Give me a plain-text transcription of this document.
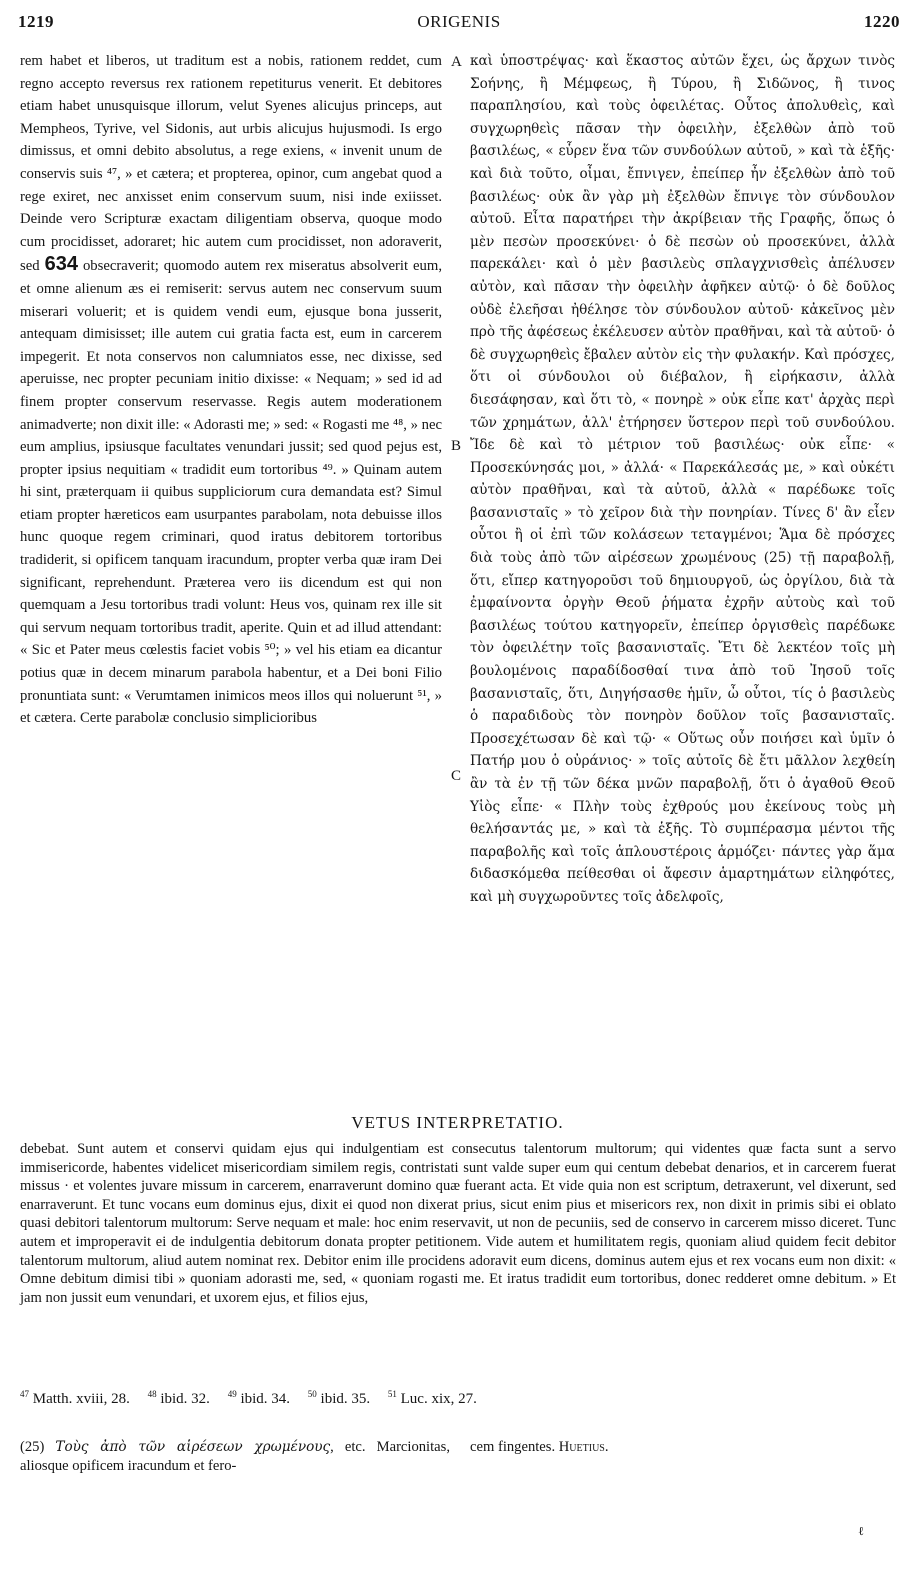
1219	ORIGENIS	1220

rem habet et liberos, ut traditum est a nobis, rationem reddet, cum regno accepto reversus rex rationem repetiturus venerit. Et debitores etiam habet unusquisque illorum, velut Syenes alicujus princeps, aut Mempheos, Tyrive, vel Sidonis, aut urbis alicujus hujusmodi. Is ergo dimissus, et omni debito absolutus, a rege exiens, « invenit unum de conservis suis ⁴⁷, » et cætera; et propterea, opinor, cum angebat quod a rege exiret, nec anxisset enim conservum suum, nisi inde exiisset. Deinde vero Scripturæ exactam diligentiam observa, quoque modo cum procidisset, adoraret; hic autem cum procidisset, non adoraverit, sed 634 obsecraverit; quomodo autem rex miseratus absolverit eum, et omne alienum æs ei remiserit: servus autem nec conservum suum miserari voluerit; et is quidem vendi eum, ejusque bona jusserit, antequam dimisisset; ille autem cui gratia facta est, eum in carcerem impegerit. Et nota conservos non calumniatos esse, nec dixisse, sed aperuisse, nec propter pecuniam initio dixisse: « Nequam; » sed id ad finem propter conservum reservasse. Regis autem moderationem animadverte; non dixit ille: « Adorasti me; » sed: « Rogasti me ⁴⁸, » nec eum amplius, ipsiusque facultates venundari jussit; sed quod pejus est, propter ipsius nequitiam « tradidit eum tortoribus ⁴⁹. » Quinam autem hi sint, præterquam ii quibus suppliciorum cura demandata est? Simul etiam propter hæreticos eam usurpantes parabolam, nota debuisse illos hunc quoque regem criminari, quod iratus debitorem tortoribus tradiderit, si opificem tanquam iracundum, propter verba quæ iram Dei significant, reprehendunt. Præterea vero iis dicendum est qui non quemquam a Jesu tortoribus tradi volunt: Heus vos, quinam rex ille sit qui servum nequam tortoribus tradit, aperite. Quin et ad illud attendant: « Sic et Pater meus cœlestis faciet vobis ⁵⁰; » vel his etiam ea dicantur potius quæ in decem minarum parabola habentur, et a Dei boni Filio pronuntiata sunt: « Verumtamen inimicos meos illos qui noluerunt ⁵¹, » et cætera. Certe parabolæ conclusio simplicioribus

A
B
C

καὶ ὑποστρέψας· καὶ ἕκαστος αὐτῶν ἔχει, ὡς ἄρχων τινὸς Σοήνης, ἢ Μέμφεως, ἢ Τύρου, ἢ Σιδῶνος, ἢ τινος παραπλησίου, καὶ τοὺς ὀφειλέτας. Οὗτος ἀπολυθεὶς, καὶ συγχωρηθεὶς πᾶσαν τὴν ὀφειλὴν, ἐξελθὼν ἀπὸ τοῦ βασιλέως, « εὗρεν ἕνα τῶν συνδούλων αὐτοῦ, » καὶ τὰ ἑξῆς· καὶ διὰ τοῦτο, οἶμαι, ἔπνιγεν, ἐπείπερ ἦν ἐξελθὼν ἀπὸ τοῦ βασιλέως· οὐκ ἂν γὰρ μὴ ἐξελθὼν ἔπνιγε τὸν σύνδουλον αὐτοῦ. Εἶτα παρατήρει τὴν ἀκρίβειαν τῆς Γραφῆς, ὅπως ὁ μὲν πεσὼν προσεκύνει· ὁ δὲ πεσὼν οὐ προσεκύνει, ἀλλὰ παρεκάλει· καὶ ὁ μὲν βασιλεὺς σπλαγχνισθεὶς ἀπέλυσεν αὐτὸν, καὶ πᾶσαν τὴν ὀφειλὴν ἀφῆκεν αὐτῷ· ὁ δὲ δοῦλος οὐδὲ ἐλεῆσαι ἠθέλησε τὸν σύνδουλον αὐτοῦ· κἀκεῖνος μὲν πρὸ τῆς ἀφέσεως ἐκέλευσεν αὐτὸν πραθῆναι, καὶ τὰ αὐτοῦ· ὁ δὲ συγχωρηθεὶς ἔβαλεν αὐτὸν εἰς τὴν φυλακήν. Καὶ πρόσχες, ὅτι οἱ σύνδουλοι οὐ διέβαλον, ἢ εἰρήκασιν, ἀλλὰ διεσάφησαν, καὶ ὅτι τὸ, « πονηρὲ » οὐκ εἶπε κατ' ἀρχὰς περὶ τῶν χρημάτων, ἀλλ' ἐτήρησεν ὕστερον περὶ τοῦ συνδούλου. Ἴδε δὲ καὶ τὸ μέτριον τοῦ βασιλέως· οὐκ εἶπε· « Προσεκύνησάς μοι, » ἀλλά· « Παρεκάλεσάς με, » καὶ οὐκέτι αὐτὸν πραθῆναι, καὶ τὰ αὐτοῦ, ἀλλὰ « παρέδωκε τοῖς βασανισταῖς » τὸ χεῖρον διὰ τὴν πονηρίαν. Τίνες δ' ἂν εἶεν οὗτοι ἢ οἱ ἐπὶ τῶν κολάσεων τεταγμένοι; Ἅμα δὲ πρόσχες διὰ τοὺς ἀπὸ τῶν αἱρέσεων χρωμένους (25) τῇ παραβολῇ, ὅτι, εἴπερ κατηγοροῦσι τοῦ δημιουργοῦ, ὡς ὀργίλου, διὰ τὰ ἐμφαίνοντα ὀργὴν Θεοῦ ῥήματα ἐχρῆν αὐτοὺς καὶ τοῦ βασιλέως τούτου κατηγορεῖν, ἐπείπερ ὀργισθεὶς παρέδωκε τὸν ὀφειλέτην τοῖς βασανισταῖς. Ἔτι δὲ λεκτέον τοῖς μὴ βουλομένοις παραδίδοσθαί τινα ἀπὸ τοῦ Ἰησοῦ τοῖς βασανισταῖς, ὅτι, Διηγήσασθε ἡμῖν, ὦ οὗτοι, τίς ὁ βασιλεὺς ὁ παραδιδοὺς τὸν πονηρὸν δοῦλον τοῖς βασανισταῖς. Προσεχέτωσαν δὲ καὶ τῷ· « Οὕτως οὖν ποιήσει καὶ ὑμῖν ὁ Πατήρ μου ὁ οὐράνιος· » τοῖς αὐτοῖς δὲ ἔτι μᾶλλον λεχθείη ἂν τὰ ἐν τῇ τῶν δέκα μνῶν παραβολῇ, ὅτι ὁ ἀγαθοῦ Θεοῦ Υἱὸς εἶπε· « Πλὴν τοὺς ἐχθρούς μου ἐκείνους τοὺς μὴ θελήσαντάς με, » καὶ τὰ ἑξῆς. Τὸ συμπέρασμα μέντοι τῆς παραβολῆς καὶ τοῖς ἁπλουστέροις ἁρμόζει· πάντες γὰρ ἅμα διδασκόμεθα πείθεσθαι οἱ ἄφεσιν ἁμαρτημάτων εἰληφότες, καὶ μὴ συγχωροῦντες τοῖς ἀδελφοῖς,

VETUS INTERPRETATIO.

debebat. Sunt autem et conservi quidam ejus qui indulgentiam est consecutus talentorum multorum; qui videntes quæ facta sunt a servo immisericorde, habentes videlicet misericordiam similem regis, contristati sunt valde super eum qui centum debebat denarios, et in carcerem fuerat missus · et volentes juvare missum in carcerem, enarraverunt domino quæ fuerant acta. Et vide quia non est scriptum, detraxerunt, vel dixerunt, sed enarraverunt. Et tunc vocans eum dominus ejus, dixit ei quod non dixerat prius, sicut enim pius et misericors rex, non dixit in primis sibi ei oblato quasi debitori talentorum multorum: Serve nequam et male: hoc enim reservavit, ut non de pecuniis, sed de conservo in carcerem misso diceret. Tunc autem et improperavit ei de indulgentia debitorum donata propter petitionem. Vide autem et humilitatem regis, quoniam aliud quidem fecit debitor talentorum multorum, aliud autem nominat rex. Debitor enim ille procidens adoravit eum dicens, dominus autem ejus et rex vocans eum non dixit: « Omne debitum dimisi tibi » quoniam adorasti me, sed, « quoniam rogasti me. Et iratus tradidit eum tortoribus, donec redderet omne debitum. » Et jam non jussit eum venundari, et uxorem ejus, et filios ejus,

$^{47}$ Matth. xviii, 28. $^{48}$ ibid. 32. $^{49}$ ibid. 34. $^{50}$ ibid. 35. $^{51}$ Luc. xix, 27.

(25) Τοὺς ἀπὸ τῶν αἱρέσεων χρωμένους, etc. Marcionitas, aliosque opificem iracundum et fero-

cem fingentes. Huetius.
ℓ
